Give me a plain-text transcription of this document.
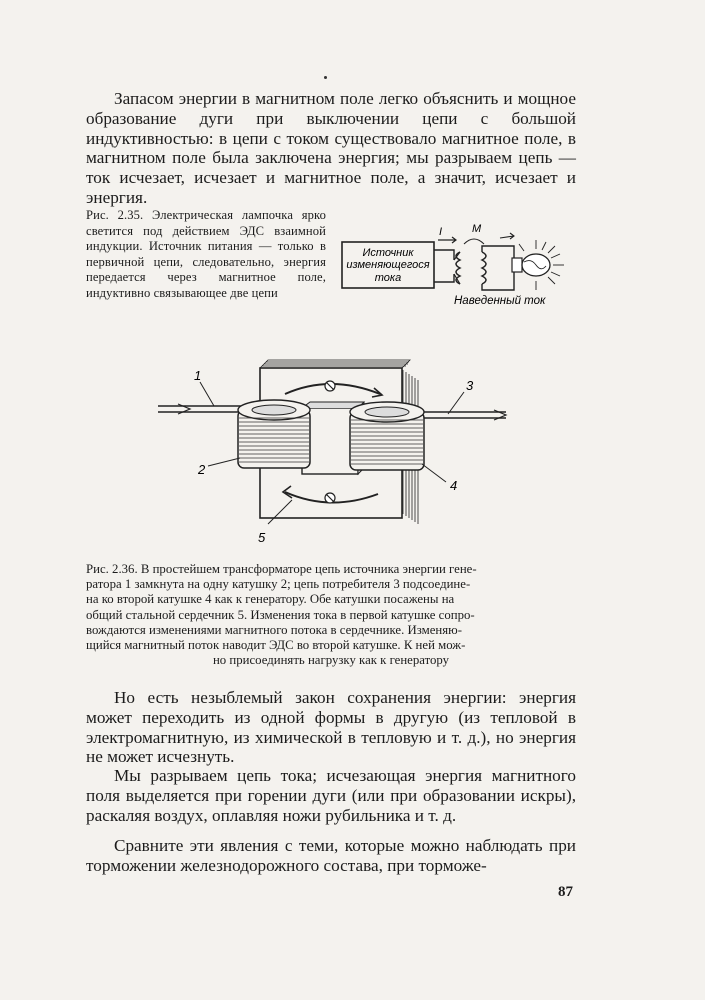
Запасом энергии в магнитном поле легко объяснить и мощное образование дуги при выключении цепи с большой индуктивностью: в цепи с током существовало магнитное поле, в магнитном поле была заключена энергия; мы разрываем цепь — ток исчезает, исчезает и магнитное поле, а значит, исчезает и энергия.

Рис. 2.35. Электрическая лампочка ярко светится под действием ЭДС взаимной индукции. Источник питания — только в первичной цепи, следовательно, энергия передается через магнитное поле, индуктивно связывающее две цепи
Источник
изменяющегося
тока
I	M
Наведенный ток
1
2
3
4
5
Рис. 2.36. В простейшем трансформаторе цепь источника энергии гене-
ратора 1 замкнута на одну катушку 2; цепь потребителя 3 подсоедине-
на ко второй катушке 4 как к генератору. Обе катушки посажены на
общий стальной сердечник 5. Изменения тока в первой катушке сопро-
вождаются изменениями магнитного потока в сердечнике. Изменяю-
щийся магнитный поток наводит ЭДС во второй катушке. К ней мож-
но присоединять нагрузку как к генератору

Но есть незыблемый закон сохранения энергии: энергия может переходить из одной формы в другую (из тепловой в электромагнитную, из химической в тепловую и т. д.), но энергия не может исчезнуть.

Мы разрываем цепь тока; исчезающая энергия магнитного поля выделяется при горении дуги (или при образовании искры), раскаляя воздух, оплавляя ножи рубильника и т. д.

Сравните эти явления с теми, которые можно наблюдать при торможении железнодорожного состава, при торможе-

87
